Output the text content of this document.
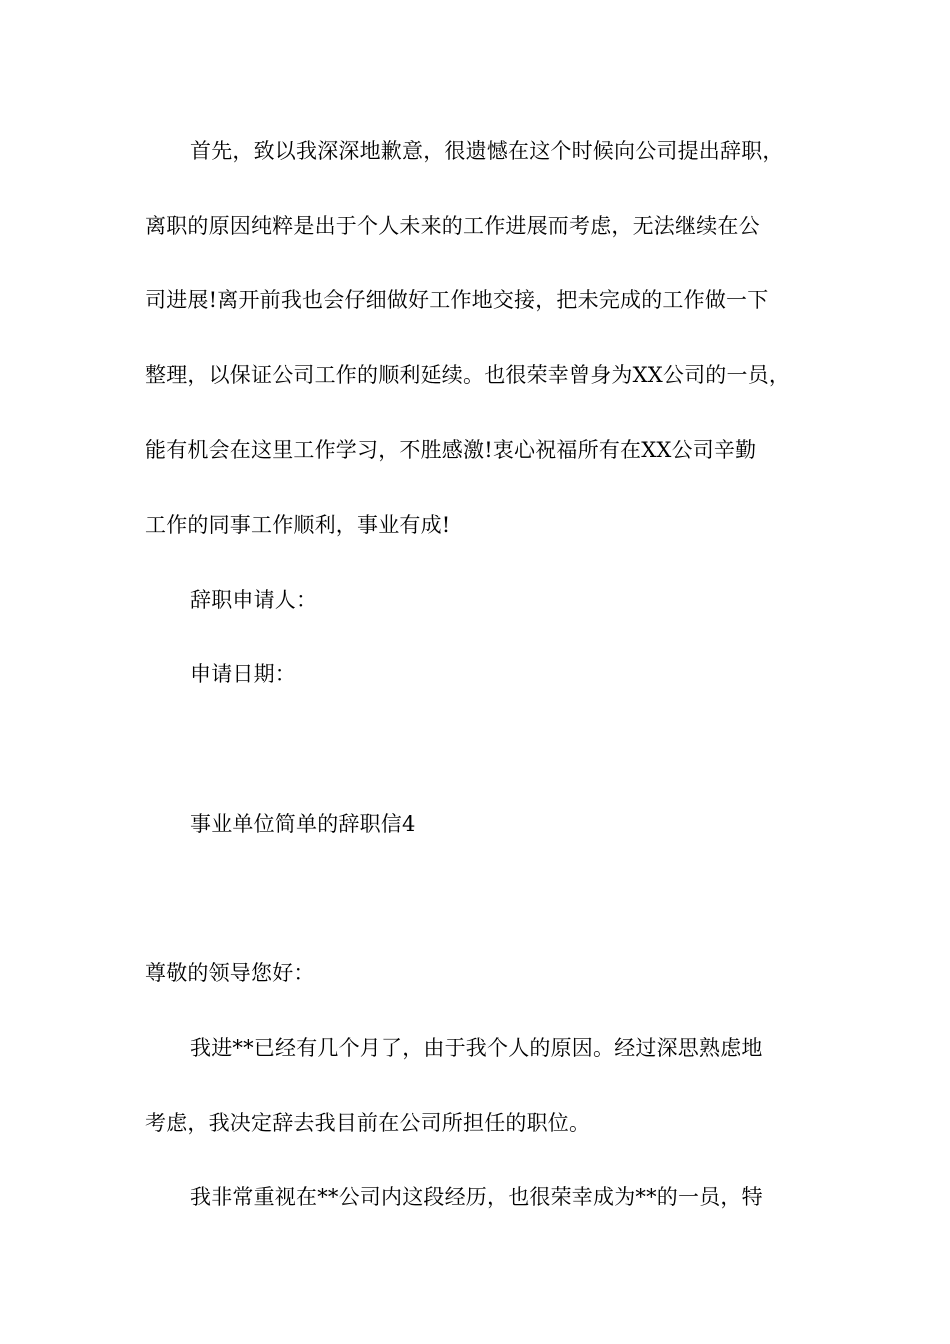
首先，致以我深深地歉意，很遗憾在这个时候向公司提出辞职，
离职的原因纯粹是出于个人未来的工作进展而考虑，无法继续在公
司进展!离开前我也会仔细做好工作地交接，把未完成的工作做一下
整理，以保证公司工作的顺利延续。也很荣幸曾身为XX公司的一员，
能有机会在这里工作学习，不胜感激!衷心祝福所有在XX公司辛勤
工作的同事工作顺利，事业有成!
辞职申请人：
申请日期：
事业单位简单的辞职信4
尊敬的领导您好：
我进**已经有几个月了，由于我个人的原因。经过深思熟虑地
考虑，我决定辞去我目前在公司所担任的职位。
我非常重视在**公司内这段经历，也很荣幸成为**的一员，特
